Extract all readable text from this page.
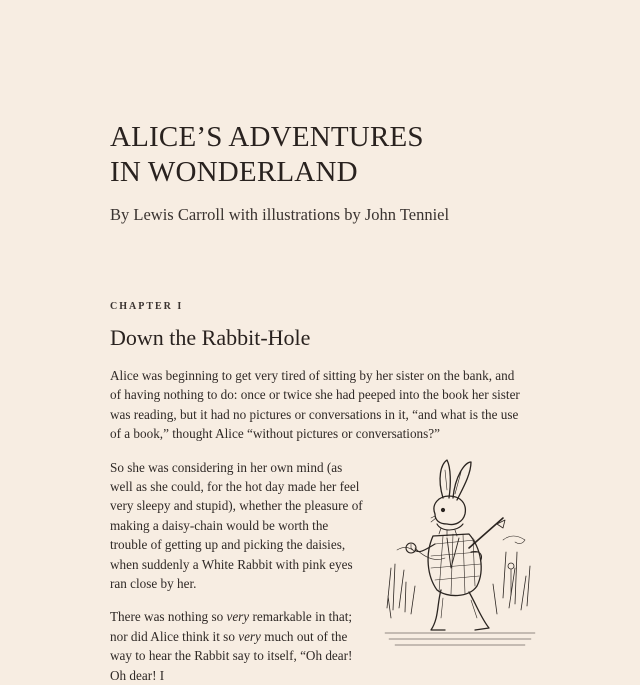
ALICE’S ADVENTURES
IN WONDERLAND

By Lewis Carroll with illustrations by John Tenniel

CHAPTER I
Down the Rabbit-Hole

Alice was beginning to get very tired of sitting by her sister on the bank, and of having nothing to do: once or twice she had peeped into the book her sister was reading, but it had no pictures or conversations in it, “and what is the use of a book,” thought Alice “without pictures or conversations?”

So she was considering in her own mind (as well as she could, for the hot day made her feel very sleepy and stupid), whether the pleasure of making a daisy-chain would be worth the trouble of getting up and picking the daisies, when suddenly a White Rabbit with pink eyes ran close by her.

There was nothing so very remarkable in that; nor did Alice think it so very much out of the way to hear the Rabbit say to itself, “Oh dear! Oh dear! I
